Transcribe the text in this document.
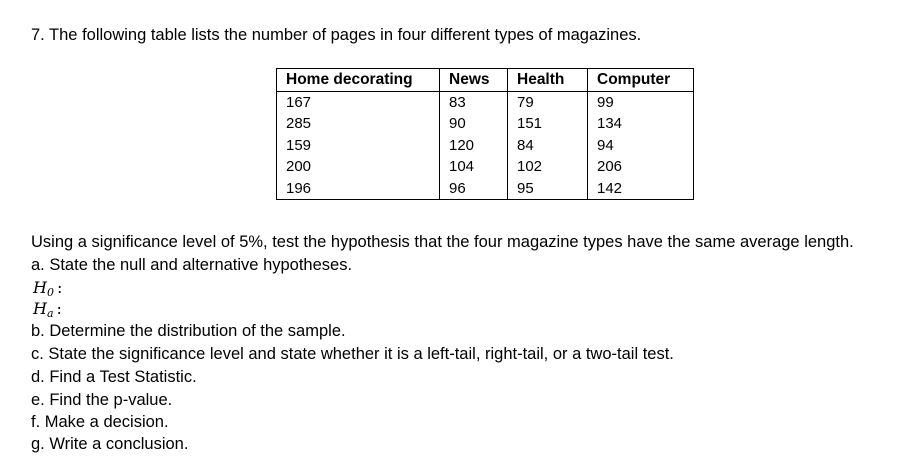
7. The following table lists the number of pages in four different types of magazines.
Home decorating	News	Health	Computer
167	83	79	99
285	90	151	134
159	120	84	94
200	104	102	206
196	96	95	142
Using a significance level of 5%, test the hypothesis that the four magazine types have the same average length.
a. State the null and alternative hypotheses.
$H_0$ :
$H_a$ :
b. Determine the distribution of the sample.
c. State the significance level and state whether it is a left-tail, right-tail, or a two-tail test.
d. Find a Test Statistic.
e. Find the p-value.
f. Make a decision.
g. Write a conclusion.
